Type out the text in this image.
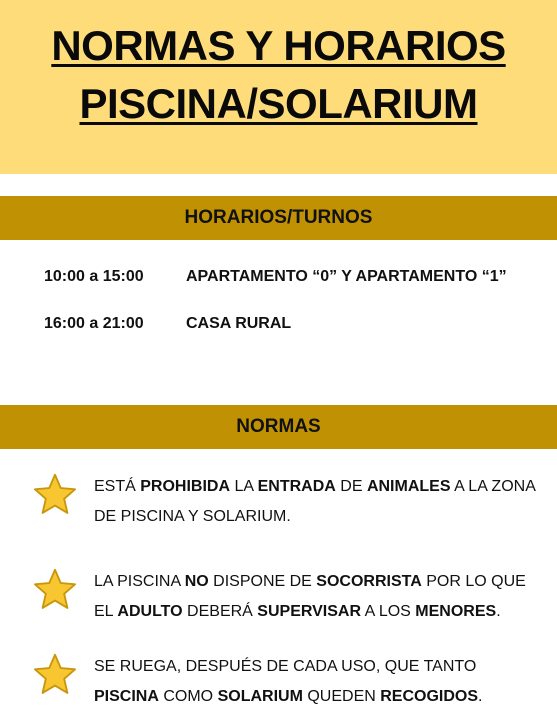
NORMAS Y HORARIOS
PISCINA/SOLARIUM
HORARIOS/TURNOS
10:00 a 15:00	APARTAMENTO “0” Y APARTAMENTO “1”
16:00 a 21:00	CASA RURAL
NORMAS
ESTÁ PROHIBIDA LA ENTRADA DE ANIMALES A LA ZONA DE PISCINA Y SOLARIUM.
LA PISCINA NO DISPONE DE SOCORRISTA POR LO QUE EL ADULTO DEBERÁ SUPERVISAR A LOS MENORES.
SE RUEGA, DESPUÉS DE CADA USO, QUE TANTO PISCINA COMO SOLARIUM QUEDEN RECOGIDOS.
